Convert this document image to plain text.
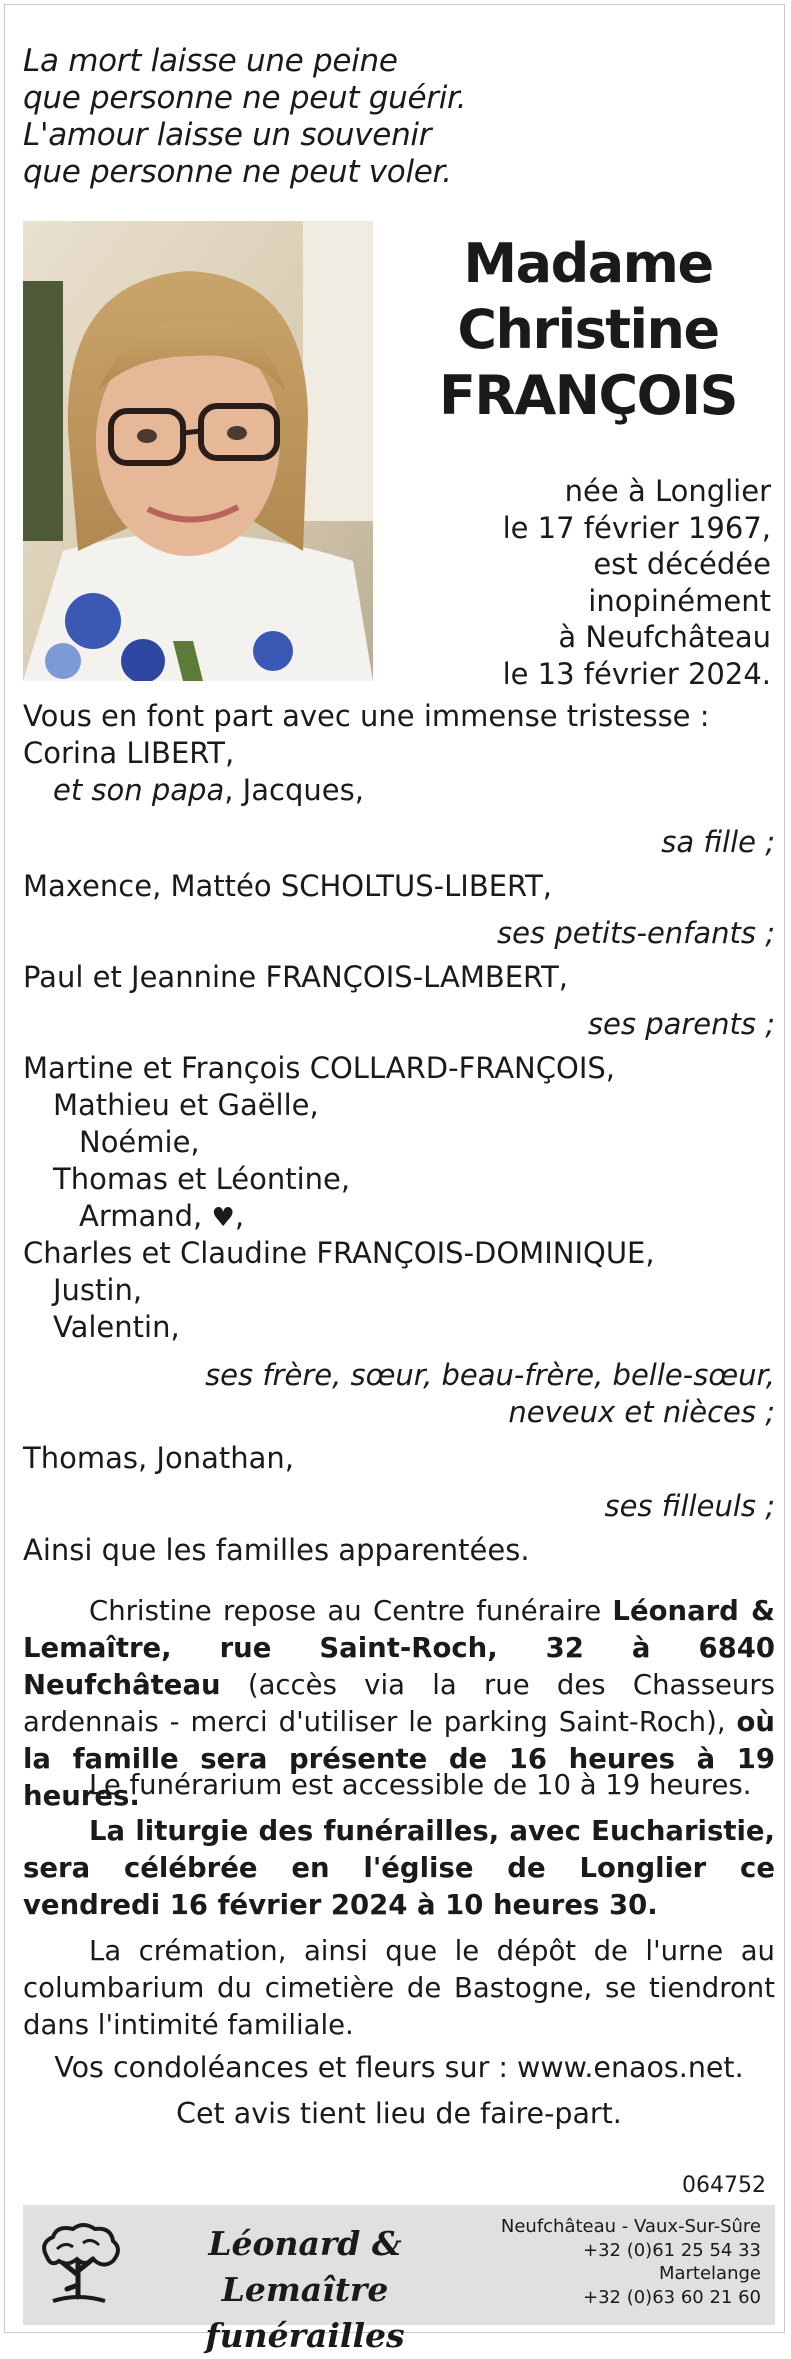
La mort laisse une peine
que personne ne peut guérir.
L'amour laisse un souvenir
que personne ne peut voler.
Madame
Christine
FRANÇOIS
née à Longlier
le 17 février 1967,
est décédée inopinément
à Neufchâteau
le 13 février 2024.
Vous en font part avec une immense tristesse :
Corina LIBERT,
et son papa, Jacques,
sa fille ;
Maxence, Mattéo SCHOLTUS-LIBERT,
ses petits-enfants ;
Paul et Jeannine FRANÇOIS-LAMBERT,
ses parents ;
Martine et François COLLARD-FRANÇOIS,
Mathieu et Gaëlle,
Noémie,
Thomas et Léontine,
Armand, ♥,
Charles et Claudine FRANÇOIS-DOMINIQUE,
Justin,
Valentin,
ses frère, sœur, beau-frère, belle-sœur,
neveux et nièces ;
Thomas, Jonathan,
ses filleuls ;
Ainsi que les familles apparentées.
Christine repose au Centre funéraire Léonard & Lemaître, rue Saint-Roch, 32 à 6840 Neufchâteau (accès via la rue des Chasseurs ardennais - merci d'utiliser le parking Saint-Roch), où la famille sera présente de 16 heures à 19 heures.
Le funérarium est accessible de 10 à 19 heures.
La liturgie des funérailles, avec Eucharistie, sera célébrée en l'église de Longlier ce vendredi 16 février 2024 à 10 heures 30.
La crémation, ainsi que le dépôt de l'urne au columbarium du cimetière de Bastogne, se tiendront dans l'intimité familiale.
Vos condoléances et fleurs sur : www.enaos.net.
Cet avis tient lieu de faire-part.
064752
Léonard & Lemaître
funérailles
Neufchâteau - Vaux-Sur-Sûre
+32 (0)61 25 54 33
Martelange
+32 (0)63 60 21 60
